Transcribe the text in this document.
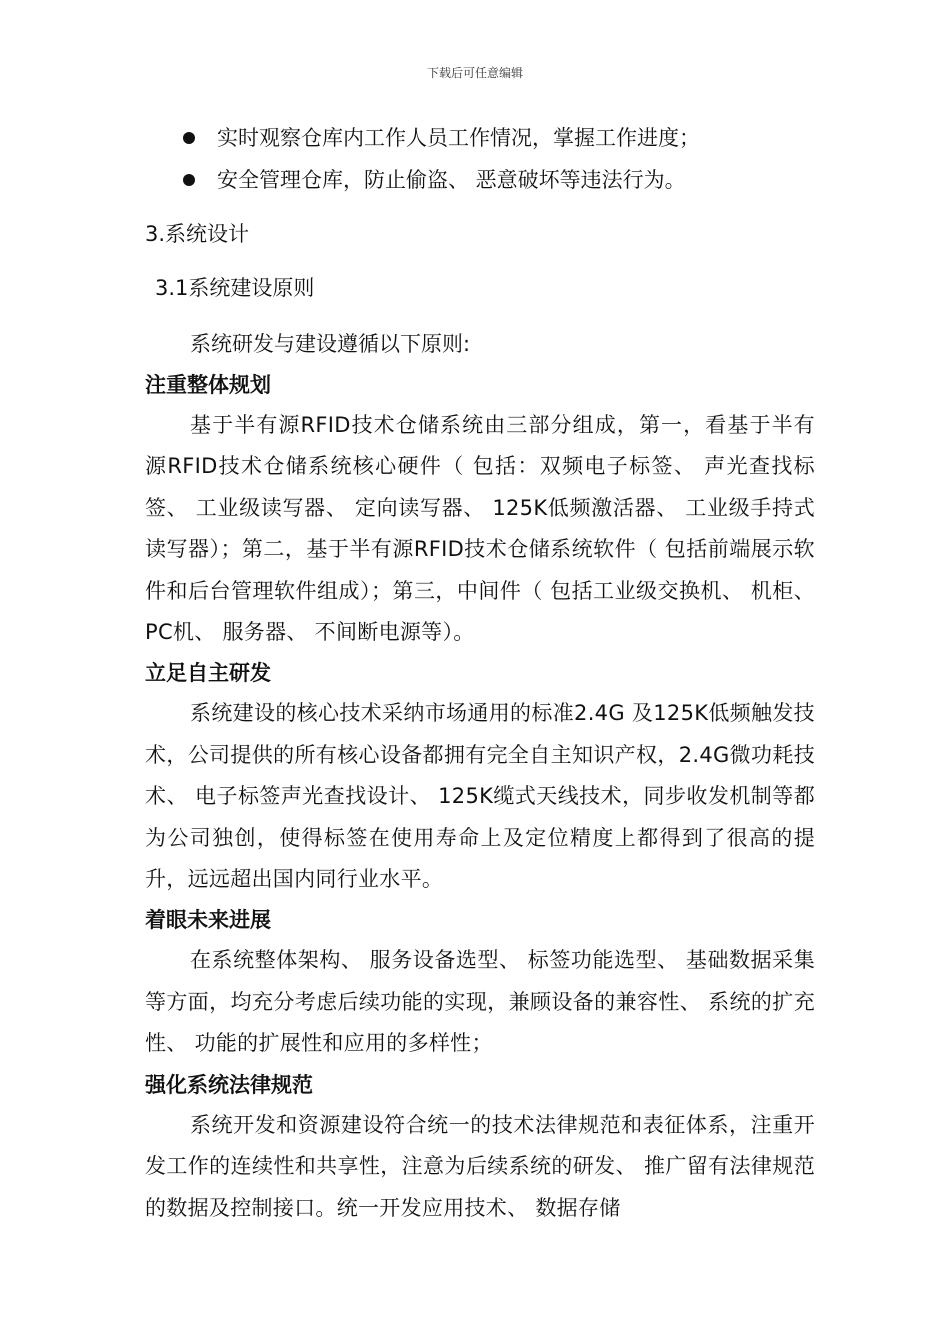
下载后可任意编辑
实时观察仓库内工作人员工作情况，掌握工作进度；
安全管理仓库，防止偷盗、 恶意破坏等违法行为。
3.系统设计
3.1系统建设原则
系统研发与建设遵循以下原则:
注重整体规划
基于半有源RFID技术仓储系统由三部分组成，第一，看基于半有源RFID技术仓储系统核心硬件（ 包括：双频电子标签、 声光查找标签、 工业级读写器、 定向读写器、 125K低频激活器、 工业级手持式读写器）；第二，基于半有源RFID技术仓储系统软件（ 包括前端展示软件和后台管理软件组成）；第三，中间件（ 包括工业级交换机、 机柜、 PC机、 服务器、 不间断电源等）。
立足自主研发
系统建设的核心技术采纳市场通用的标准2.4G 及125K低频触发技术，公司提供的所有核心设备都拥有完全自主知识产权，2.4G微功耗技术、 电子标签声光查找设计、 125K缆式天线技术，同步收发机制等都为公司独创，使得标签在使用寿命上及定位精度上都得到了很高的提升，远远超出国内同行业水平。
着眼未来进展
在系统整体架构、 服务设备选型、 标签功能选型、 基础数据采集等方面，均充分考虑后续功能的实现，兼顾设备的兼容性、 系统的扩充性、 功能的扩展性和应用的多样性；
强化系统法律规范
系统开发和资源建设符合统一的技术法律规范和表征体系，注重开发工作的连续性和共享性，注意为后续系统的研发、 推广留有法律规范的数据及控制接口。统一开发应用技术、 数据存储
